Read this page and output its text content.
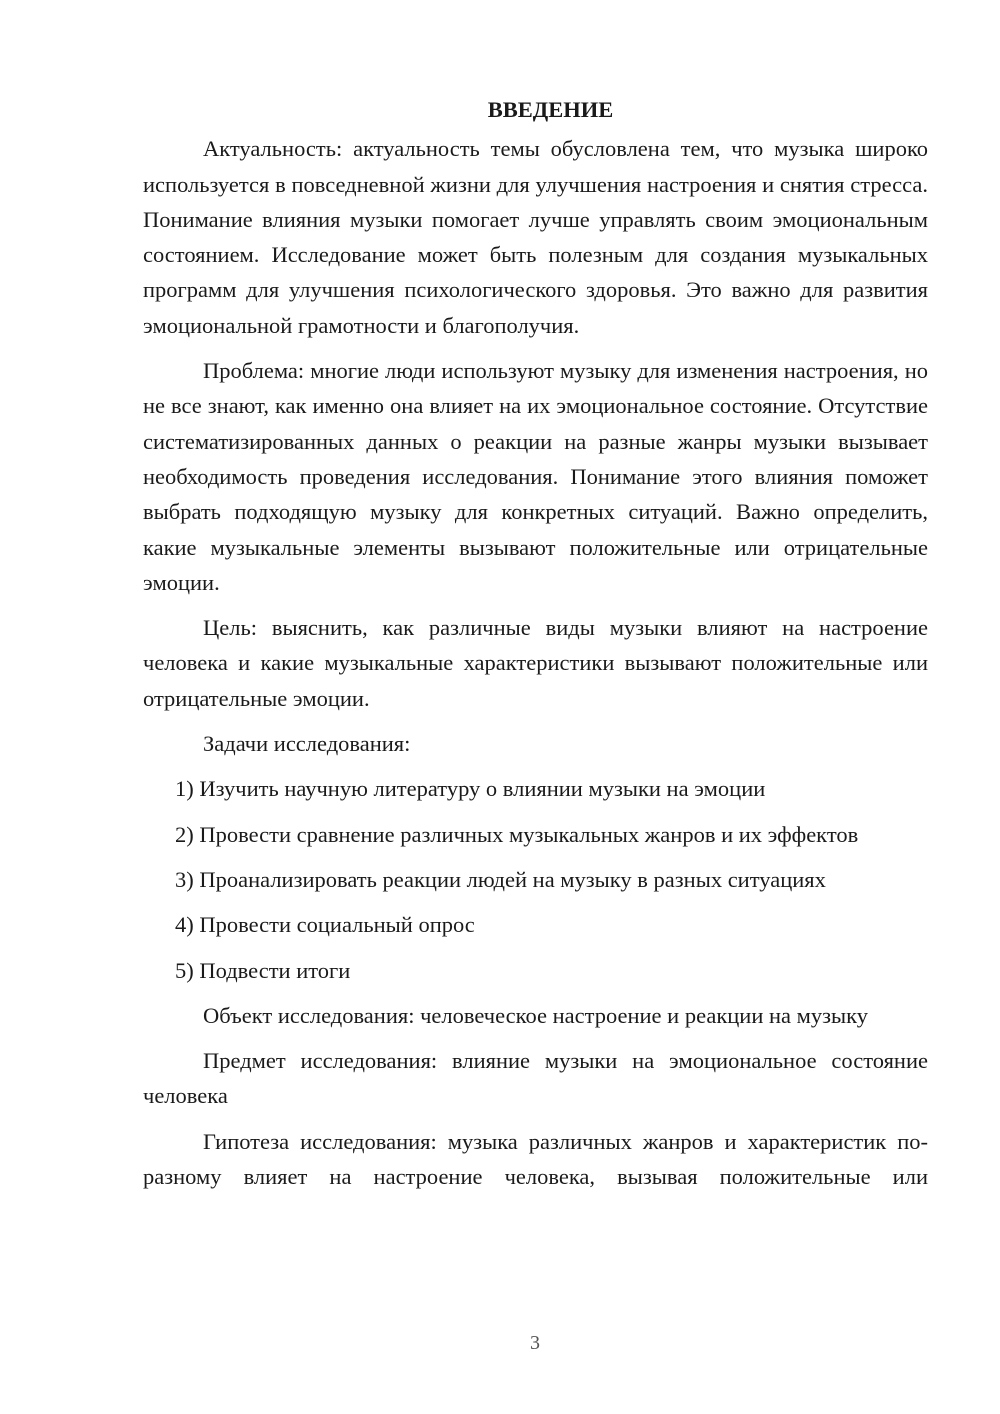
ВВЕДЕНИЕ

Актуальность: актуальность темы обусловлена тем, что музыка широко используется в повседневной жизни для улучшения настроения и снятия стресса. Понимание влияния музыки помогает лучше управлять своим эмоциональным состоянием. Исследование может быть полезным для создания музыкальных программ для улучшения психологического здоровья. Это важно для развития эмоциональной грамотности и благополучия.

Проблема: многие люди используют музыку для изменения настроения, но не все знают, как именно она влияет на их эмоциональное состояние. Отсутствие систематизированных данных о реакции на разные жанры музыки вызывает необходимость проведения исследования. Понимание этого влияния поможет выбрать подходящую музыку для конкретных ситуаций. Важно определить, какие музыкальные элементы вызывают положительные или отрицательные эмоции.

Цель: выяснить, как различные виды музыки влияют на настроение человека и какие музыкальные характеристики вызывают положительные или отрицательные эмоции.

Задачи исследования:

1) Изучить научную литературу о влиянии музыки на эмоции
2) Провести сравнение различных музыкальных жанров и их эффектов
3) Проанализировать реакции людей на музыку в разных ситуациях
4) Провести социальный опрос
5) Подвести итоги

Объект исследования: человеческое настроение и реакции на музыку

Предмет исследования: влияние музыки на эмоциональное состояние человека

Гипотеза исследования: музыка различных жанров и характеристик по-разному влияет на настроение человека, вызывая положительные или

3
